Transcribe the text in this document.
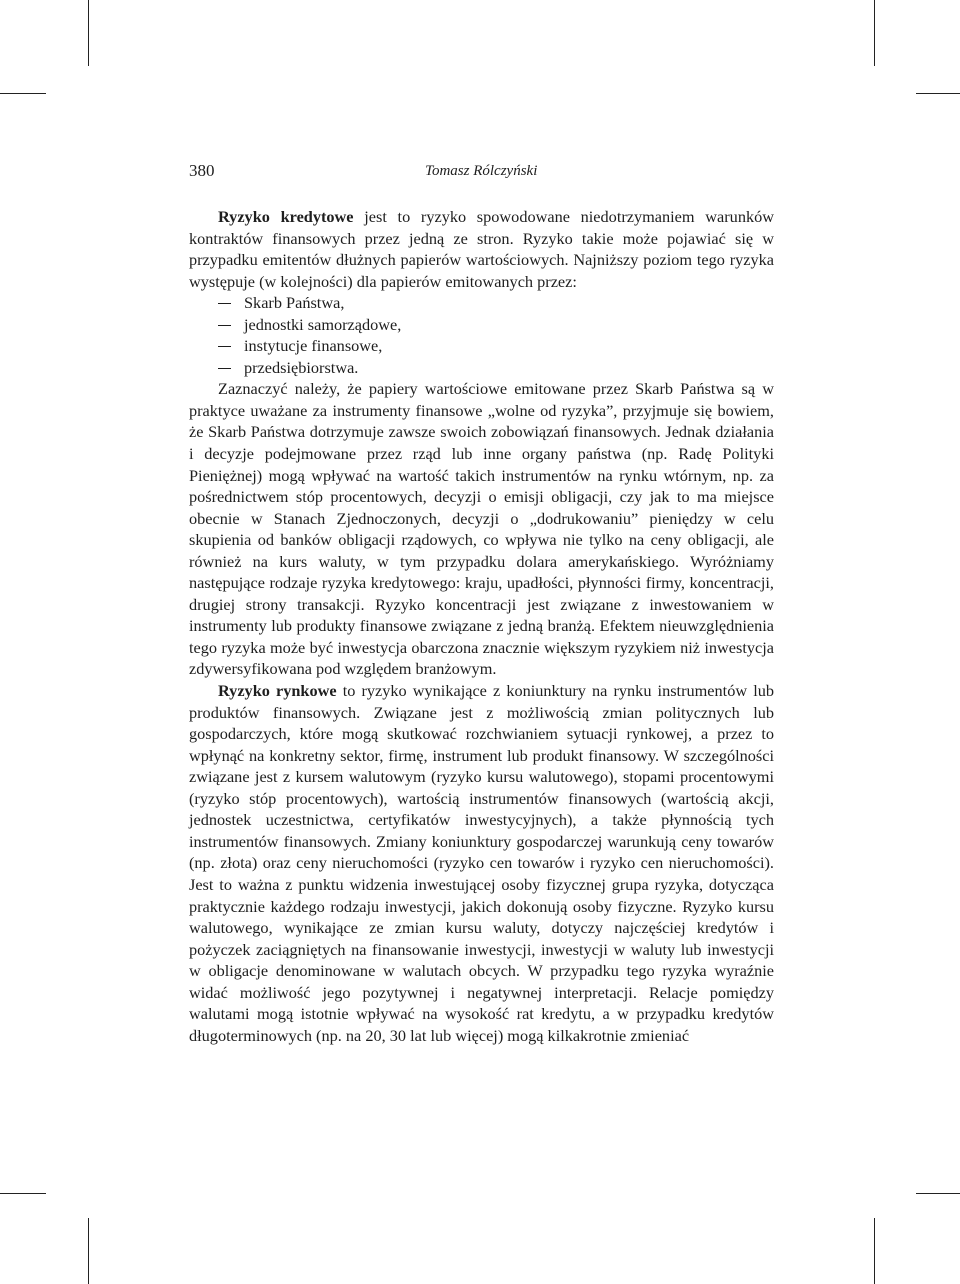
380	Tomasz Rólczyński

Ryzyko kredytowe jest to ryzyko spowodowane niedotrzymaniem warunków kontraktów finansowych przez jedną ze stron. Ryzyko takie może pojawiać się w przypadku emitentów dłużnych papierów wartościowych. Najniższy poziom tego ryzyka występuje (w kolejności) dla papierów emitowanych przez:

Skarb Państwa,
jednostki samorządowe,
instytucje finansowe,
przedsiębiorstwa.

Zaznaczyć należy, że papiery wartościowe emitowane przez Skarb Państwa są w praktyce uważane za instrumenty finansowe „wolne od ryzyka”, przyjmuje się bowiem, że Skarb Państwa dotrzymuje zawsze swoich zobowiązań finansowych. Jednak działania i decyzje podejmowane przez rząd lub inne organy państwa (np. Radę Polityki Pieniężnej) mogą wpływać na wartość takich instrumentów na rynku wtórnym, np. za pośrednictwem stóp procentowych, decyzji o emisji obligacji, czy jak to ma miejsce obecnie w Stanach Zjednoczonych, decyzji o „dodrukowaniu” pieniędzy w celu skupienia od banków obligacji rządowych, co wpływa nie tylko na ceny obligacji, ale również na kurs waluty, w tym przypadku dolara amerykańskiego. Wyróżniamy następujące rodzaje ryzyka kredytowego: kraju, upadłości, płynności firmy, koncentracji, drugiej strony transakcji. Ryzyko koncentracji jest związane z inwestowaniem w instrumenty lub produkty finansowe związane z jedną branżą. Efektem nieuwzględnienia tego ryzyka może być inwestycja obarczona znacznie większym ryzykiem niż inwestycja zdywersyfikowana pod względem branżowym.

Ryzyko rynkowe to ryzyko wynikające z koniunktury na rynku instrumentów lub produktów finansowych. Związane jest z możliwością zmian politycznych lub gospodarczych, które mogą skutkować rozchwianiem sytuacji rynkowej, a przez to wpłynąć na konkretny sektor, firmę, instrument lub produkt finansowy. W szczególności związane jest z kursem walutowym (ryzyko kursu walutowego), stopami procentowymi (ryzyko stóp procentowych), wartością instrumentów finansowych (wartością akcji, jednostek uczestnictwa, certyfikatów inwestycyjnych), a także płynnością tych instrumentów finansowych. Zmiany koniunktury gospodarczej warunkują ceny towarów (np. złota) oraz ceny nieruchomości (ryzyko cen towarów i ryzyko cen nieruchomości). Jest to ważna z punktu widzenia inwestującej osoby fizycznej grupa ryzyka, dotycząca praktycznie każdego rodzaju inwestycji, jakich dokonują osoby fizyczne. Ryzyko kursu walutowego, wynikające ze zmian kursu waluty, dotyczy najczęściej kredytów i pożyczek zaciągniętych na finansowanie inwestycji, inwestycji w waluty lub inwestycji w obligacje denominowane w walutach obcych. W przypadku tego ryzyka wyraźnie widać możliwość jego pozytywnej i negatywnej interpretacji. Relacje pomiędzy walutami mogą istotnie wpływać na wysokość rat kredytu, a w przypadku kredytów długoterminowych (np. na 20, 30 lat lub więcej) mogą kilkakrotnie zmieniać
